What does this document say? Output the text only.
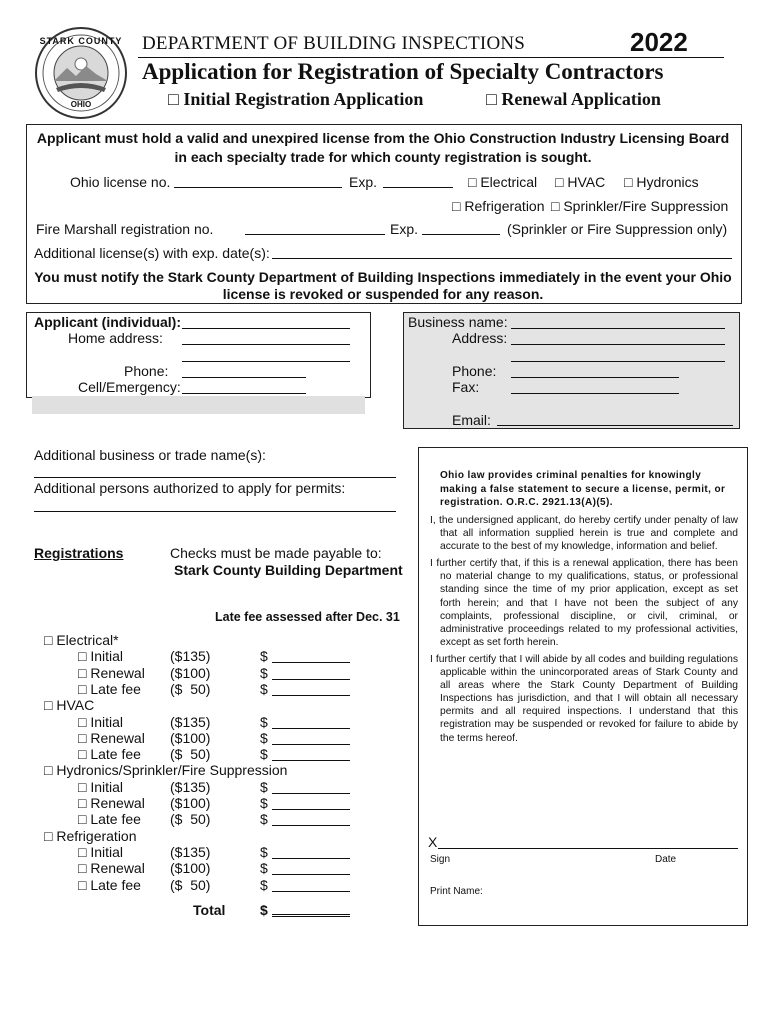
STARK COUNTY
OHIO
DEPARTMENT OF BUILDING INSPECTIONS	2022
Application for Registration of Specialty Contractors
□ Initial Registration Application	□ Renewal Application
Applicant must hold a valid and unexpired license from the Ohio Construction Industry Licensing Board in each specialty trade for which county registration is sought.
Ohio license no.	Exp.	□ Electrical □ HVAC □ Hydronics
□ Refrigeration □ Sprinkler/Fire Suppression
Fire Marshall registration no.	Exp.	(Sprinkler or Fire Suppression only)
Additional license(s) with exp. date(s):
You must notify the Stark County Department of Building Inspections immediately in the event your Ohio license is revoked or suspended for any reason.
Applicant (individual):
Home address:
Phone:
Cell/Emergency:
Business name:
Address:
Phone:
Fax:
Email:
Additional business or trade name(s):
Additional persons authorized to apply for permits:
Registrations	Checks must be made payable to:
Stark County Building Department
Late fee assessed after Dec. 31
□ Electrical*
□ Initial	($135)	$
□ Renewal ($100)	$
□ Late fee ($  50)	$
□ HVAC
□ Initial	($135)	$
□ Renewal ($100)	$
□ Late fee ($  50)	$
□ Hydronics/Sprinkler/Fire Suppression
□ Initial	($135)	$
□ Renewal ($100)	$
□ Late fee ($  50)	$
□ Refrigeration
□ Initial	($135)	$
□ Renewal ($100)	$
□ Late fee ($  50)	$
Total $
Ohio law provides criminal penalties for knowingly making a false statement to secure a license, permit, or registration. O.R.C. 2921.13(A)(5).

I, the undersigned applicant, do hereby certify under penalty of law that all information supplied herein is true and complete and accurate to the best of my knowledge, information and belief.

I further certify that, if this is a renewal application, there has been no material change to my qualifications, status, or professional standing since the time of my prior application, except as set forth herein; and that I have not been the subject of any complaints, professional discipline, or civil, criminal, or administrative proceedings related to my professional activities, except as set forth herein.

I further certify that I will abide by all codes and building regulations applicable within the unincorporated areas of Stark County and all areas where the Stark County Department of Building Inspections has jurisdiction, and that I will obtain all necessary permits and all required inspections. I understand that this registration may be suspended or revoked for failure to abide by the terms hereof.

X
Sign	Date
Print Name:
